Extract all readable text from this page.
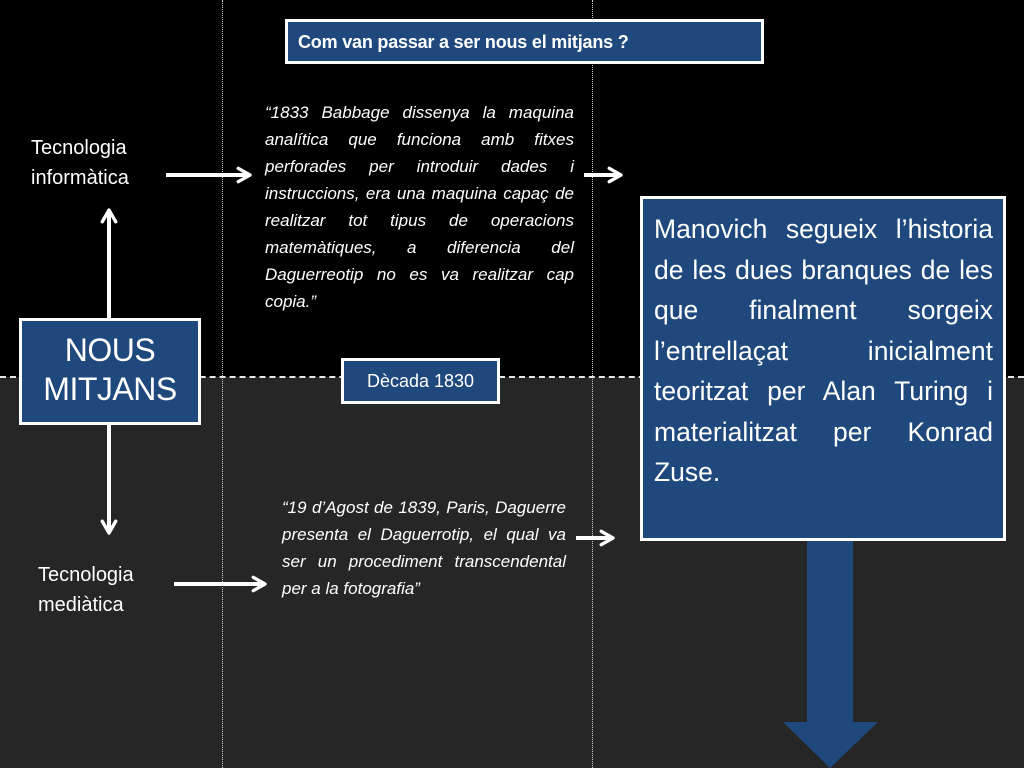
Com van passar a ser nous el mitjans ?
Tecnologia
informàtica
Tecnologia
mediàtica
NOUS
MITJANS
“1833 Babbage dissenya la maquina analítica que funciona amb fitxes perforades per introduir dades i instruccions, era una maquina capaç de realitzar tot tipus de operacions matemàtiques, a diferencia del Daguerreotip no es va realitzar cap copia.”
Dècada 1830
“19 d’Agost de 1839, Paris, Daguerre presenta el Daguerrotip, el qual va ser un procediment transcendental per a la fotografia”
Manovich segueix l’historia de les dues branques de les que finalment sorgeix l’entrellaçat inicialment teoritzat per Alan Turing i materialitzat per Konrad Zuse.
